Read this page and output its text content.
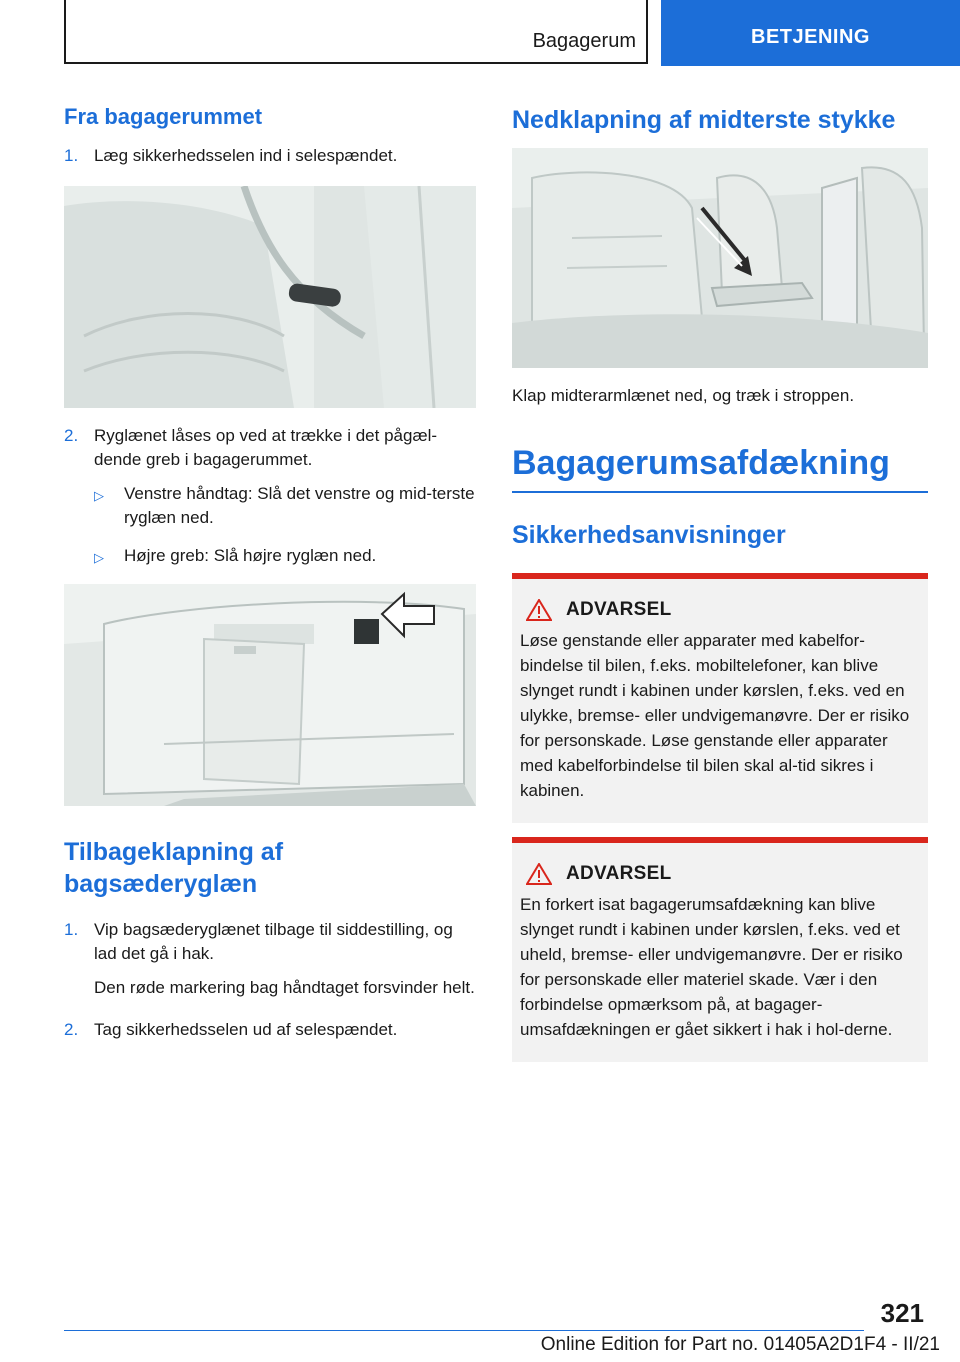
Bagagerum	BETJENING
Fra bagagerummet
1. Læg sikkerhedsselen ind i selespændet.
2. Ryglænet låses op ved at trække i det pågæl-dende greb i bagagerummet.
▷	Venstre håndtag: Slå det venstre og mid-terste ryglæn ned.
▷	Højre greb: Slå højre ryglæn ned.
Tilbageklapning af bagsæderyglæn
1. Vip bagsæderyglænet tilbage til siddestilling, og lad det gå i hak.

Den røde markering bag håndtaget forsvinder helt.

2. Tag sikkerhedsselen ud af selespændet.
Nedklapning af midterste stykke
Klap midterarmlænet ned, og træk i stroppen.
Bagagerumsafdækning
Sikkerhedsanvisninger
ADVARSEL
Løse genstande eller apparater med kabelfor-bindelse til bilen, f.eks. mobiltelefoner, kan blive slynget rundt i kabinen under kørslen, f.eks. ved en ulykke, bremse- eller undvigemanøvre. Der er risiko for personskade. Løse genstande eller apparater med kabelforbindelse til bilen skal al-tid sikres i kabinen.
ADVARSEL
En forkert isat bagagerumsafdækning kan blive slynget rundt i kabinen under kørslen, f.eks. ved et uheld, bremse- eller undvigemanøvre. Der er risiko for personskade eller materiel skade. Vær i den forbindelse opmærksom på, at bagager-umsafdækningen er gået sikkert i hak i hol-derne.
321
Online Edition for Part no. 01405A2D1F4 - II/21
